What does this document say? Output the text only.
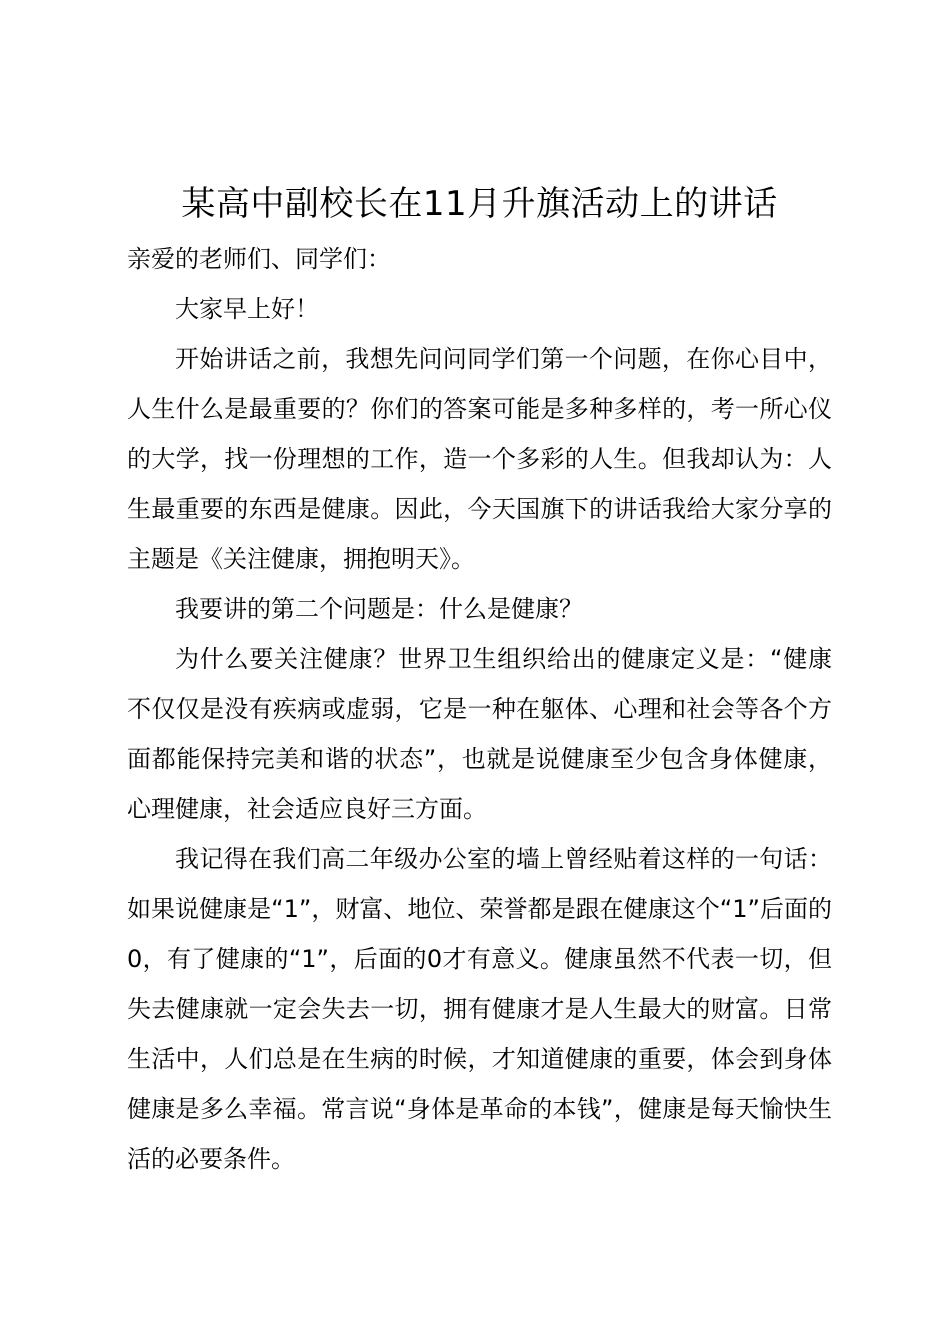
某高中副校长在11月升旗活动上的讲话

亲爱的老师们、同学们：

大家早上好！

开始讲话之前，我想先问问同学们第一个问题，在你心目中，人生什么是最重要的？你们的答案可能是多种多样的，考一所心仪的大学，找一份理想的工作，造一个多彩的人生。但我却认为：人生最重要的东西是健康。因此，今天国旗下的讲话我给大家分享的主题是《关注健康，拥抱明天》。

我要讲的第二个问题是：什么是健康？

为什么要关注健康？世界卫生组织给出的健康定义是：“健康不仅仅是没有疾病或虚弱，它是一种在躯体、心理和社会等各个方面都能保持完美和谐的状态”，也就是说健康至少包含身体健康，心理健康，社会适应良好三方面。

我记得在我们高二年级办公室的墙上曾经贴着这样的一句话：如果说健康是“1”，财富、地位、荣誉都是跟在健康这个“1”后面的0，有了健康的“1”，后面的0才有意义。健康虽然不代表一切，但失去健康就一定会失去一切，拥有健康才是人生最大的财富。日常生活中，人们总是在生病的时候，才知道健康的重要，体会到身体健康是多么幸福。常言说“身体是革命的本钱”，健康是每天愉快生活的必要条件。
